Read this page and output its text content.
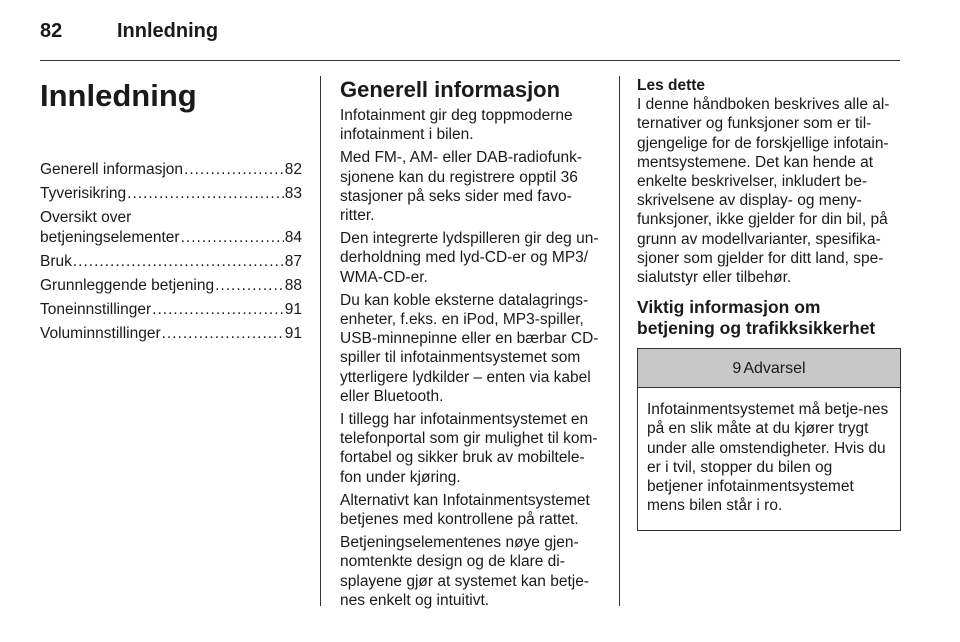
82	Innledning
Innledning
Generell informasjon .....	82
Tyverisikring .....	83
Oversikt over
betjeningselementer .....	84
Bruk .....	87
Grunnleggende betjening .....	88
Toneinnstillinger .....	91
Voluminnstillinger .....	91
Generell informasjon

Infotainment gir deg toppmoderne infotainment i bilen.

Med FM-, AM- eller DAB-radiofunk-sjonene kan du registrere opptil 36 stasjoner på seks sider med favo-ritter.

Den integrerte lydspilleren gir deg un-derholdning med lyd-CD-er og MP3/ WMA-CD-er.

Du kan koble eksterne datalagrings-enheter, f.eks. en iPod, MP3-spiller, USB-minnepinne eller en bærbar CD-spiller til infotainmentsystemet som ytterligere lydkilder – enten via kabel eller Bluetooth.

I tillegg har infotainmentsystemet en telefonportal som gir mulighet til kom-fortabel og sikker bruk av mobiltele-fon under kjøring.

Alternativt kan Infotainmentsystemet betjenes med kontrollene på rattet.

Betjeningselementenes nøye gjen-nomtenkte design og de klare di-splayene gjør at systemet kan betje-nes enkelt og intuitivt.

Les dette
I denne håndboken beskrives alle al-ternativer og funksjoner som er til-gjengelige for de forskjellige infotain-mentsystemene. Det kan hende at enkelte beskrivelser, inkludert be-skrivelsene av display- og meny-funksjoner, ikke gjelder for din bil, på grunn av modellvarianter, spesifika-sjoner som gjelder for ditt land, spe-sialutstyr eller tilbehør.
Viktig informasjon om betjening og trafikksikkerhet
9 Advarsel
Infotainmentsystemet må betje-nes på en slik måte at du kjører trygt under alle omstendigheter. Hvis du er i tvil, stopper du bilen og betjener infotainmentsystemet mens bilen står i ro.
